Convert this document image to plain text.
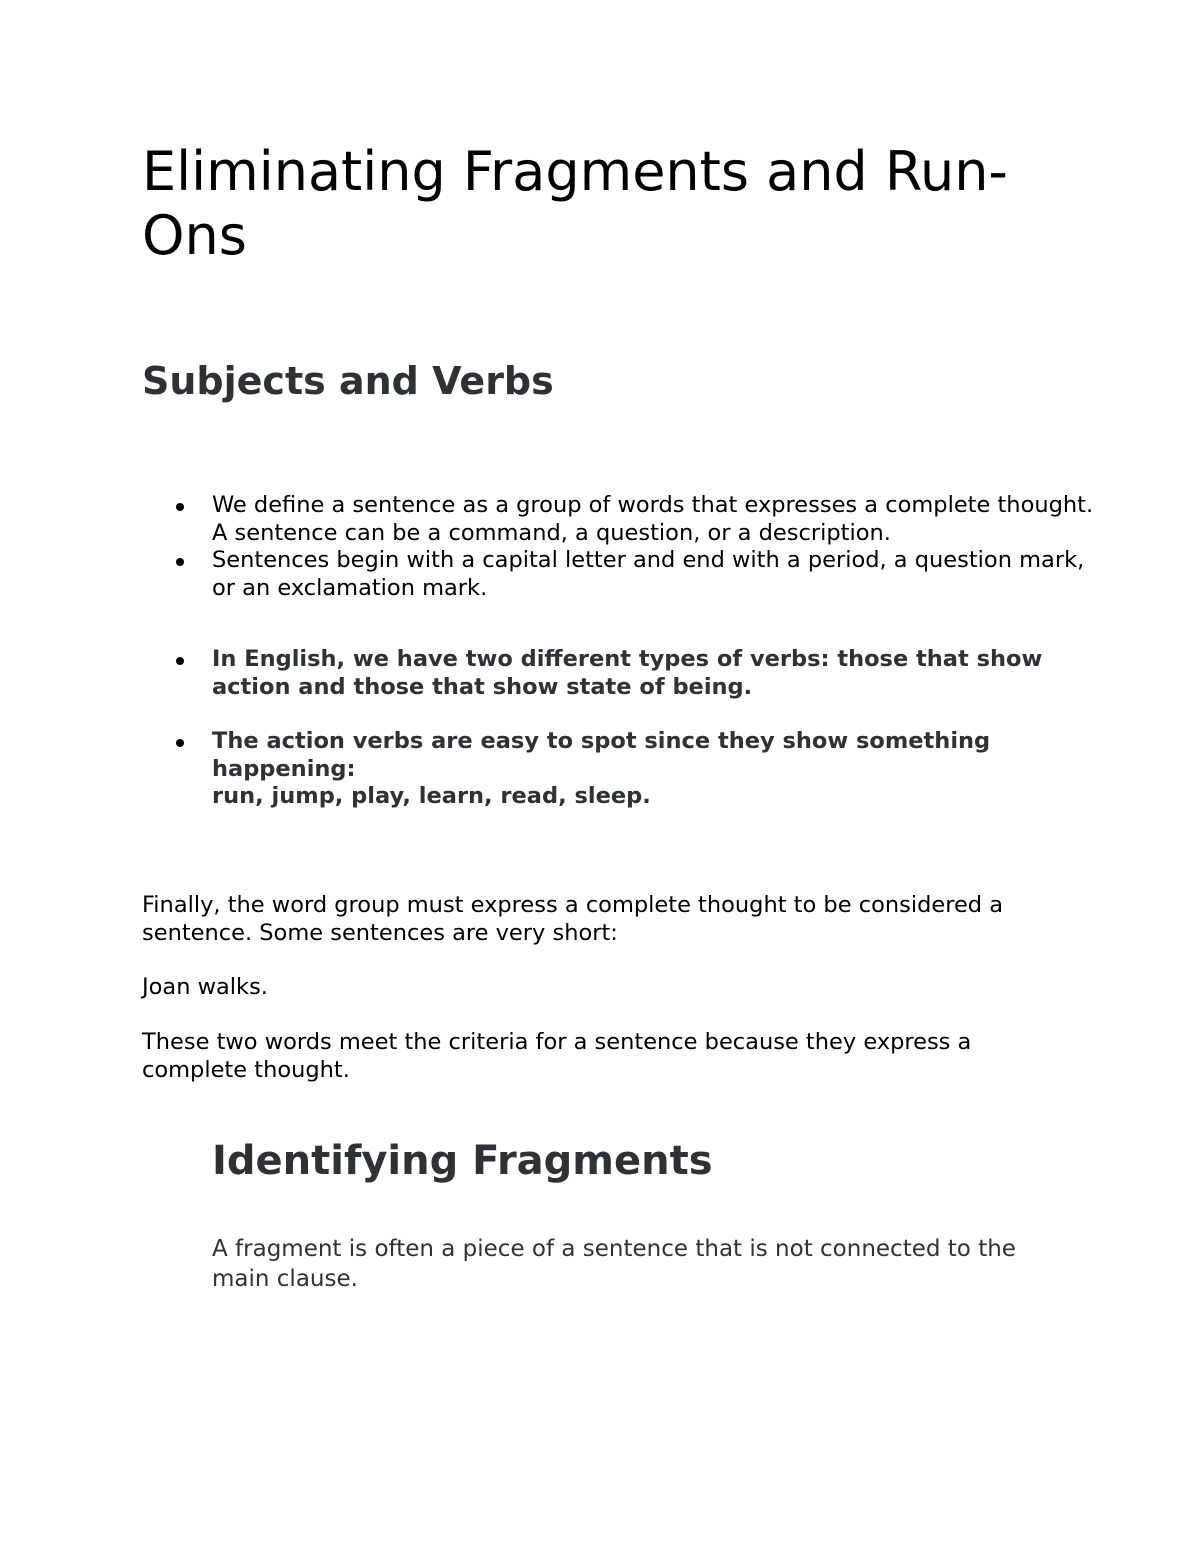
Eliminating Fragments and Run-Ons
Subjects and Verbs
We define a sentence as a group of words that expresses a complete thought. A sentence can be a command, a question, or a description.
Sentences begin with a capital letter and end with a period, a question mark, or an exclamation mark.
In English, we have two different types of verbs: those that show action and those that show state of being.
The action verbs are easy to spot since they show something happening:
run, jump, play, learn, read, sleep.

Finally, the word group must express a complete thought to be considered a sentence. Some sentences are very short:

Joan walks.

These two words meet the criteria for a sentence because they express a complete thought.

Identifying Fragments

A fragment is often a piece of a sentence that is not connected to the main clause.
